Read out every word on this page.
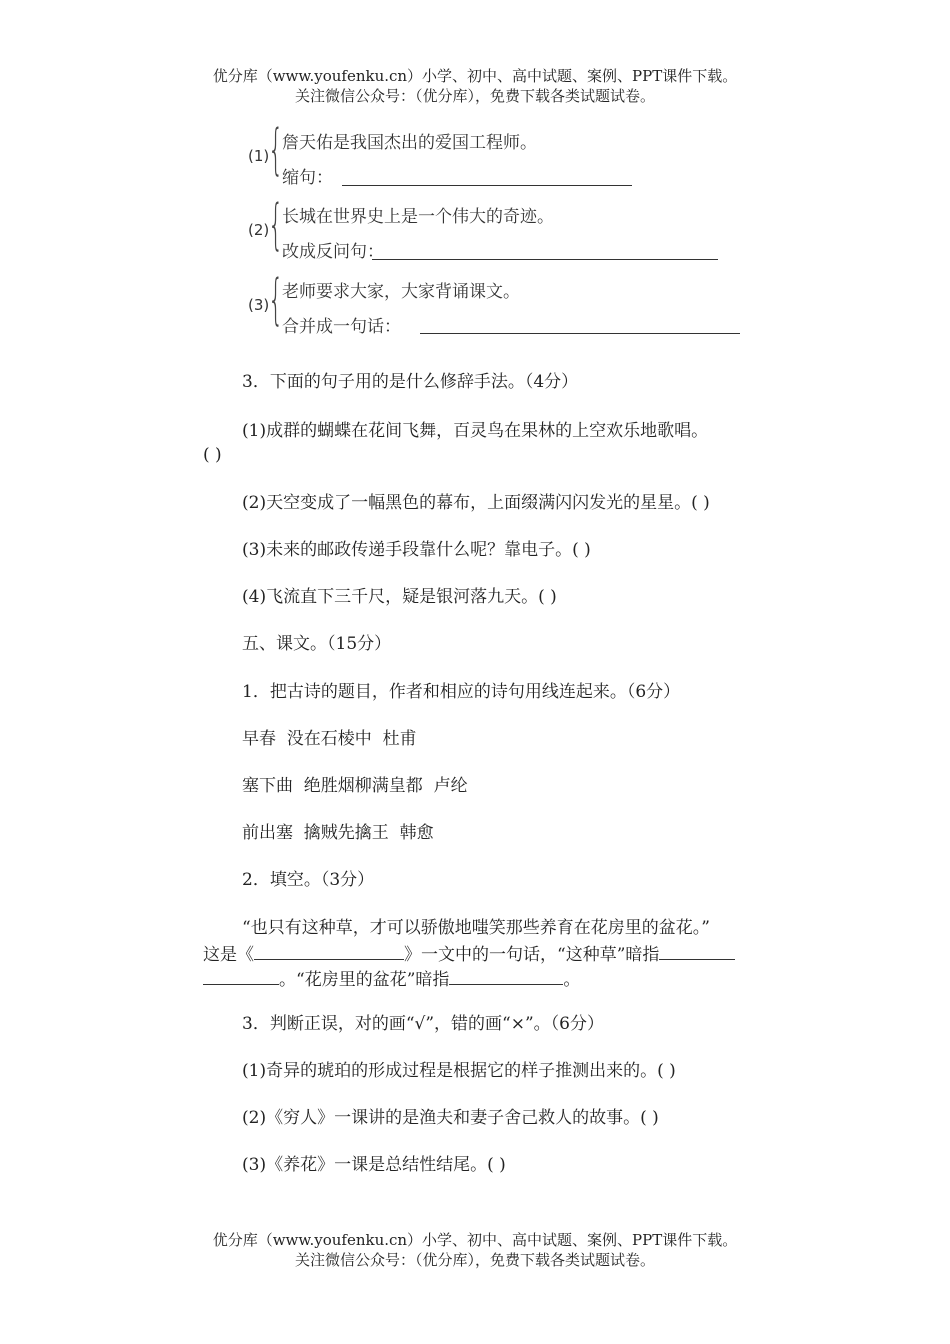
优分库（www.youfenku.cn）小学、初中、高中试题、案例、PPT课件下载。
关注微信公众号：（优分库），免费下载各类试题试卷。
(1)
{
詹天佑是我国杰出的爱国工程师。
缩句：
(2)
{
长城在世界史上是一个伟大的奇迹。
改成反问句：
(3)
{
老师要求大家，大家背诵课文。
合并成一句话：
3．下面的句子用的是什么修辞手法。（4分）
(1)成群的蝴蝶在花间飞舞，百灵鸟在果林的上空欢乐地歌唱。
( )
(2)天空变成了一幅黑色的幕布，上面缀满闪闪发光的星星。( )
(3)未来的邮政传递手段靠什么呢？靠电子。( )
(4)飞流直下三千尺，疑是银河落九天。( )
五、课文。（15分）
1．把古诗的题目，作者和相应的诗句用线连起来。（6分）
早春  没在石棱中  杜甫
塞下曲  绝胜烟柳满皇都  卢纶
前出塞  擒贼先擒王  韩愈
2．填空。（3分）
“也只有这种草，才可以骄傲地嗤笑那些养育在花房里的盆花。”
这是《	》一文中的一句话，“这种草”暗指
。“花房里的盆花”暗指	。
3．判断正误，对的画“√”，错的画“×”。（6分）
(1)奇异的琥珀的形成过程是根据它的样子推测出来的。( )
(2)《穷人》一课讲的是渔夫和妻子舍己救人的故事。( )
(3)《养花》一课是总结性结尾。( )
优分库（www.youfenku.cn）小学、初中、高中试题、案例、PPT课件下载。
关注微信公众号：（优分库），免费下载各类试题试卷。
